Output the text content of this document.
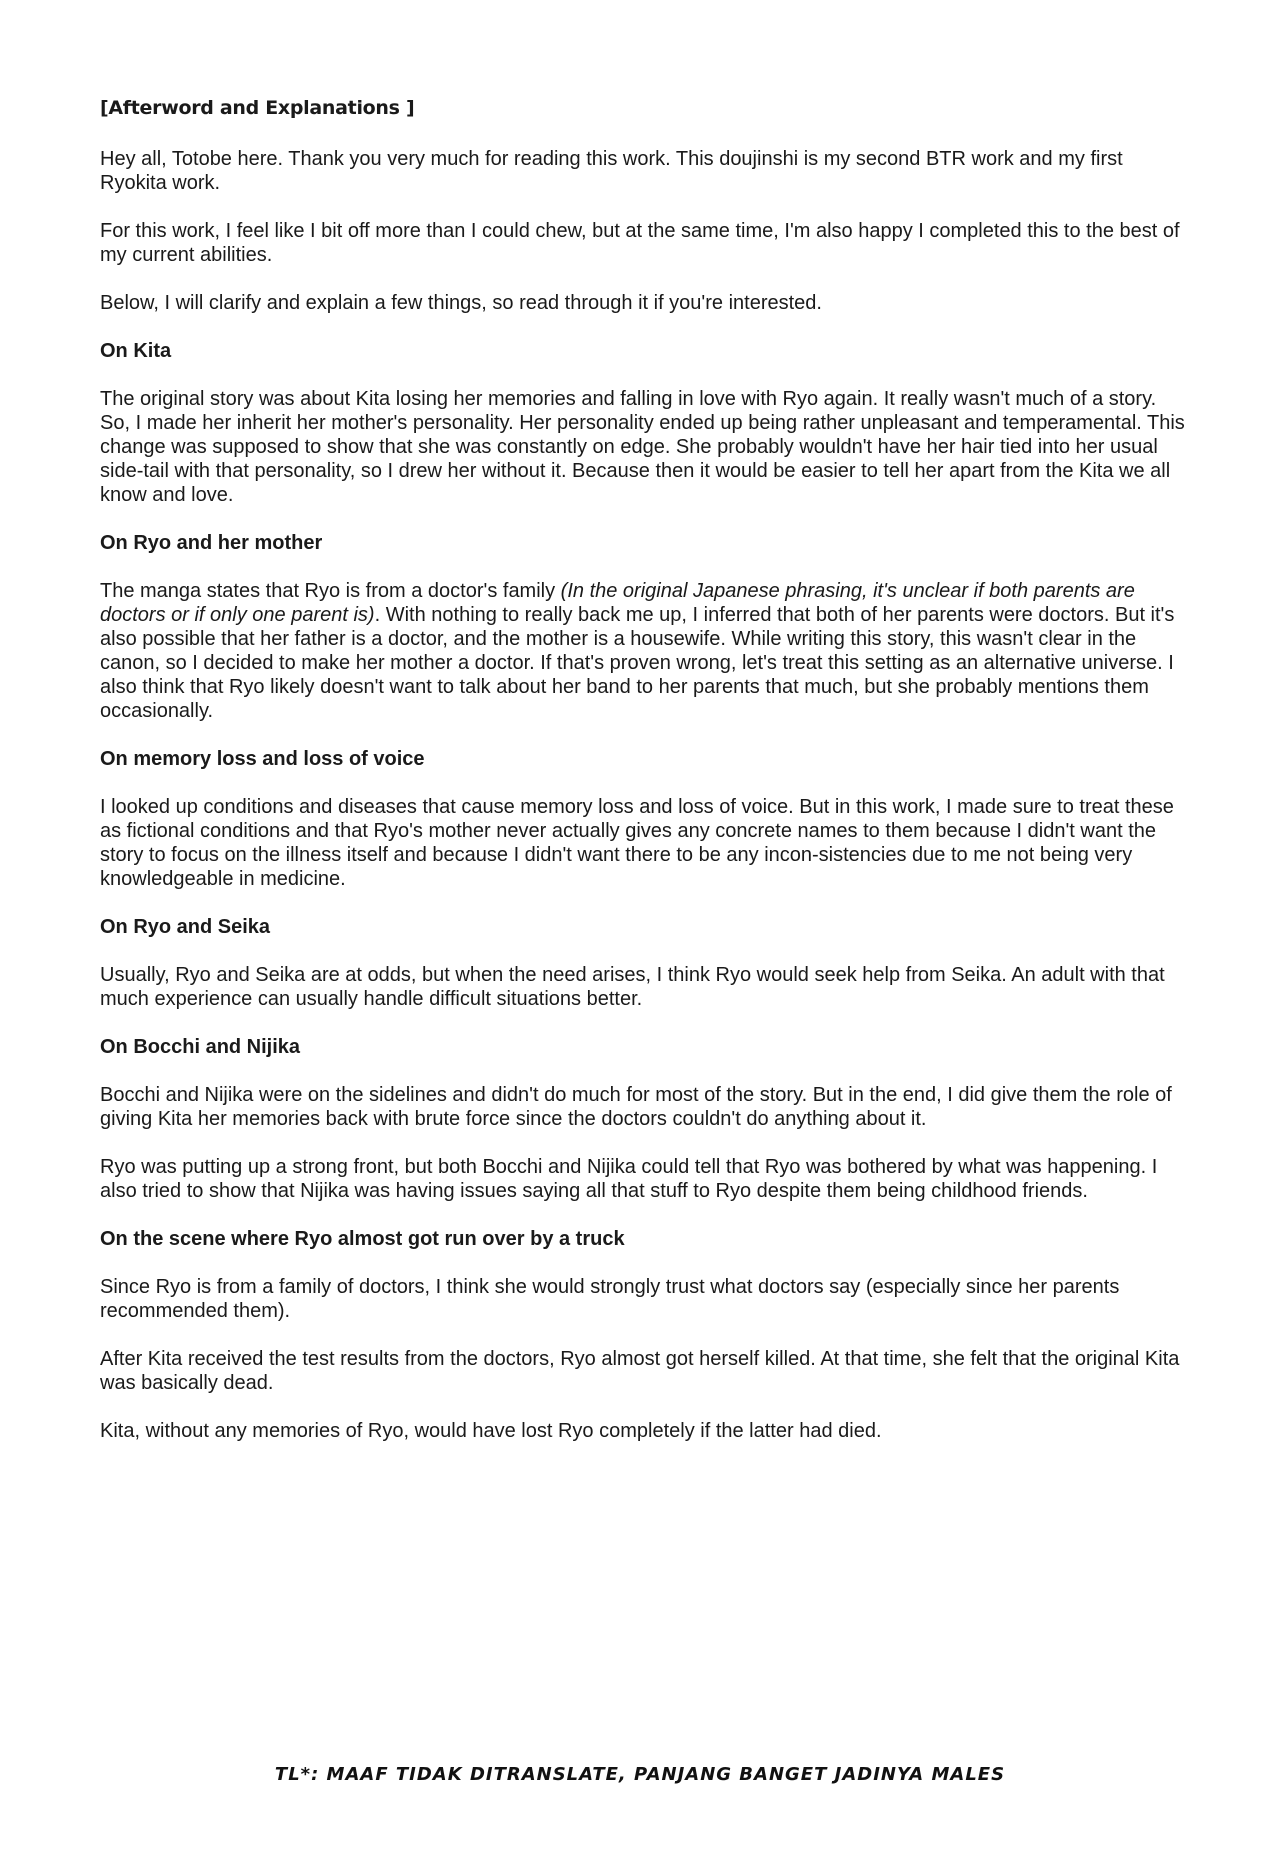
[Afterword and Explanations ]

Hey all, Totobe here. Thank you very much for reading this work. This doujinshi is my second BTR work and my first Ryokita work.

For this work, I feel like I bit off more than I could chew, but at the same time, I'm also happy I completed this to the best of my current abilities.

Below, I will clarify and explain a few things, so read through it if you're interested.

On Kita

The original story was about Kita losing her memories and falling in love with Ryo again. It really wasn't much of a story. So, I made her inherit her mother's personality. Her personality ended up being rather unpleasant and temperamental. This change was supposed to show that she was constantly on edge. She probably wouldn't have her hair tied into her usual side-tail with that personality, so I drew her without it. Because then it would be easier to tell her apart from the Kita we all know and love.

On Ryo and her mother

The manga states that Ryo is from a doctor's family (In the original Japanese phrasing, it's unclear if both parents are doctors or if only one parent is). With nothing to really back me up, I inferred that both of her parents were doctors. But it's also possible that her father is a doctor, and the mother is a housewife. While writing this story, this wasn't clear in the canon, so I decided to make her mother a doctor. If that's proven wrong, let's treat this setting as an alternative universe. I also think that Ryo likely doesn't want to talk about her band to her parents that much, but she probably mentions them occasionally.

On memory loss and loss of voice

I looked up conditions and diseases that cause memory loss and loss of voice. But in this work, I made sure to treat these as fictional conditions and that Ryo's mother never actually gives any concrete names to them because I didn't want the story to focus on the illness itself and because I didn't want there to be any incon-sistencies due to me not being very knowledgeable in medicine.

On Ryo and Seika

Usually, Ryo and Seika are at odds, but when the need arises, I think Ryo would seek help from Seika. An adult with that much experience can usually handle difficult situations better.

On Bocchi and Nijika

Bocchi and Nijika were on the sidelines and didn't do much for most of the story. But in the end, I did give them the role of giving Kita her memories back with brute force since the doctors couldn't do anything about it.

Ryo was putting up a strong front, but both Bocchi and Nijika could tell that Ryo was bothered by what was happening. I also tried to show that Nijika was having issues saying all that stuff to Ryo despite them being childhood friends.

On the scene where Ryo almost got run over by a truck

Since Ryo is from a family of doctors, I think she would strongly trust what doctors say (especially since her parents recommended them).

After Kita received the test results from the doctors, Ryo almost got herself killed. At that time, she felt that the original Kita was basically dead.

Kita, without any memories of Ryo, would have lost Ryo completely if the latter had died.

TL*: MAAF TIDAK DITRANSLATE, PANJANG BANGET JADINYA MALES
